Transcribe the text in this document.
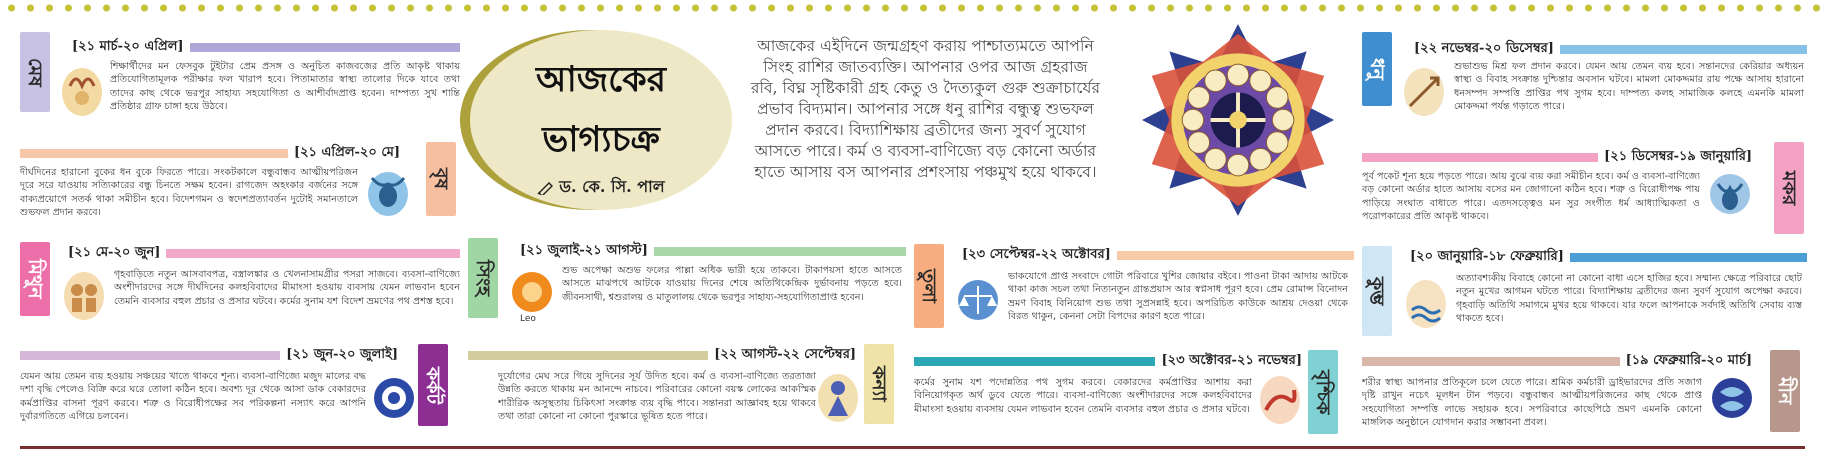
আজকের
ভাগ্যচক্র
ড. কে. সি. পাল
আজকের এইদিনে জন্মগ্রহণ করায় পাশ্চাত্যমতে আপনি সিংহ রাশির জাতব্যক্তি। আপনার ওপর আজ গ্রহরাজ রবি, বিঘ্ন সৃষ্টিকারী গ্রহ কেতু ও দৈত্যকুল গুরু শুক্রাচার্যের প্রভাব বিদ্যমান। আপনার সঙ্গে ধনু রাশির বন্ধুত্ব শুভফল প্রদান করবে। বিদ্যাশিক্ষায় ব্রতীদের জন্য সুবর্ণ সুযোগ আসতে পারে। কর্ম ও ব্যবসা-বাণিজ্যে বড় কোনো অর্ডার হাতে আসায় বস আপনার প্রশংসায় পঞ্চমুখ হয়ে থাকবে।
মেষ
[২১ মার্চ-২০ এপ্রিল]
শিক্ষার্থীদের মন ফেসবুক টুইটার প্রেম প্রসঙ্গ ও অনুচিত কাজবজের প্রতি আকৃষ্ট থাকায় প্রতিযোগিতামূলক পরীক্ষার ফল খারাপ হবে। পিতামাতার স্বাস্থ্য তালোর দিকে যাবে তথা তাদের কাছ থেকে ভরপুর সাহায্য সহযোগিতা ও আশীর্বাদপ্রাপ্ত হবেন। দাম্পত্য সুখ শান্তি প্রতিষ্ঠার গ্রাফ চাঙ্গা হয়ে উঠবে।
[২১ এপ্রিল-২০ মে]
দীর্ঘদিনের হারানো বুকের ধন বুকে ফিরতে পারে। সংকটকালে বন্ধুবান্ধব আত্মীয়পরিজন দূরে সরে যাওয়ায় সত্যিকারের বন্ধু চিনতে সক্ষম হবেন। রাগজেদ অহংকার বর্জনের সঙ্গে বাক্যপ্রয়োগে সতর্ক থাকা সমীচীন হবে। বিদেশগমন ও স্বদেশপ্রত্যাবর্তন দুটোই সমানতালে শুভফল প্রদান করবে।
বৃষ
মিথুন
[২১ মে-২০ জুন]
গৃহবাড়িতে নতুন আসবাবপত্র, বস্ত্রালঙ্কার ও খেলনাসামগ্রীর পসরা সাজবে। ব্যবসা-বাণিজ্যে অংশীদারদের সঙ্গে দীর্ঘদিনের কলহবিবাদের মীমাংসা হওয়ায় ব্যবসায় যেমন লাভবান হবেন তেমনি ব্যবসার বহুল প্রচার ও প্রসার ঘটবে। কর্মের সুনাম যশ বিদেশ ভ্রমণের পথ প্রশস্ত হবে।
[২১ জুন-২০ জুলাই]
যেমন আয় তেমন ব্যয় হওয়ায় সঞ্চয়ের খাতে থাকবে শূন্য। ব্যবসা-বাণিজ্যে মজুদ মালের বদ্ধ দশা বৃদ্ধি পেলেও বিক্রি করে ঘরে তোলা কঠিন হবে। অবশ্য দূর থেকে আসা ডাক বেকারদের কর্মপ্রাপ্তির বাসনা পূরণ করবে। শত্রু ও বিরোধীপক্ষের সব পরিকল্পনা নস্যাৎ করে আপনি দুর্বারগতিতে এগিয়ে চলবেন।
কর্কট
সিংহ
[২১ জুলাই-২১ আগস্ট]
Leo
শুভ অপেক্ষা অশুভ ফলের পাল্লা অধিক ভারী হয়ে তাকবে। টাকাপয়সা হাতে আসতে আসতে মাঝপথে আটকে যাওয়ায় দিনের শেষে অতিথিকেন্দ্রিক দুর্ভাবনায় পড়তে হবে। জীবনসাথী, শ্বশুরালয় ও মাতুলালয় থেকে ভরপুর সাহায্য-সহযোগিতাপ্রাপ্ত হবেন।
[২২ আগস্ট-২২ সেপ্টেম্বর]
দুর্যোগের মেঘ সরে গিয়ে সুদিনের সূর্য উদিত হবে। কর্ম ও ব্যবসা-বাণিজ্যে তরতাজা উন্নতি করতে থাকায় মন আনন্দে নাচবে। পরিবারের কোনো বয়স্ক লোকের আকস্মিক শারীরিক অসুস্থতায় চিকিৎসা সংক্রান্ত ব্যয় বৃদ্ধি পাবে। সন্তানরা আজ্ঞাবহ হয়ে থাকবে তথা তারা কোনো না কোনো পুরস্কারে ভূষিত হতে পারে।
কন্যা
তুলা
[২৩ সেপ্টেম্বর-২২ অক্টোবর]
ভাকযোগে প্রাপ্ত সংবাদে গোটা পরিবারে খুশির জোয়ার বইবে। পাওনা টাকা আদায় আটকে থাকা কাজ সচল তথা নিত্যনতুন গ্রান্তপ্রয়াস আর স্বপ্নসাধ পূরণ হবে। প্রেম রোমান্স বিনোদন ভ্রমণ বিবাহ বিনিয়োগ শুভ তথা সুপ্রসন্নাই হবে। অপরিচিত কাউকে আশ্রয় দেওয়া থেকে বিরত থাকুন, কেননা সেটা বিপদের কারণ হতে পারে।
[২৩ অক্টোবর-২১ নভেম্বর]
কর্মের সুনাম যশ পদোন্নতির পথ সুগম করবে। বেকারদের কর্মপ্রাপ্তির আশায় করা বিনিয়োগকৃত অর্থ ডুবে যেতে পারে। ব্যবসা-বাণিজ্যে অংশীদারদের সঙ্গে কলহবিবাদের মীমাংসা হওয়ায় ব্যবসায় যেমন লাভবান হবেন তেমনি ব্যবসার বহুল প্রচার ও প্রসার ঘটবে।	বৃশ্চিক
ধনু
[২২ নভেম্বর-২০ ডিসেম্বর]
শুভাশুভ মিশ্র ফল প্রদান করবে। যেমন আয় তেমন ব্যয় হবে। সন্তানদের কেরিয়ার অধ্যয়ন স্বাস্থ্য ও বিবাহ সংক্রান্ত দুশ্চিন্তার অবসান ঘটবে। মামলা মোকদ্দমার রায় পক্ষে আসায় হারানো ধনসম্পদ সম্পত্তি প্রাপ্তির পথ সুগম হবে। দাম্পত্য কলহ সামাজিক কলহে এমনকি মামলা মোকদ্দমা পর্যন্ত গড়াতে পারে।
[২১ ডিসেম্বর-১৯ জানুয়ারি]
পূর্ব পকেট শূন্য হয়ে পড়তে পারে। আয় বুঝে ব্যয় করা সমীচীন হবে। কর্ম ও ব্যবসা-বাণিজ্যে বড় কোনো অর্ডার হাতে আসায় বসের মন জোগানো কঠিন হবে। শত্রু ও বিরোধীপক্ষ পায় পাড়িয়ে সংঘাত বাধাতে পারে। এতদসত্ত্বেও মন সুর সংগীত ধর্ম আধ্যাত্মিকতা ও পরোপকারের প্রতি আকৃষ্ট থাকবে।
মকর
কুম্ভ
[২০ জানুয়ারি-১৮ ফেব্রুয়ারি]
অত্যাবশ্যকীয় বিবাহে কোনো না কোনো বাধা এসে হাজির হবে। সম্মান্য ক্ষেত্রে পরিবারে ছোট নতুন মুখের আগমন ঘটতে পারে। বিদ্যাশিক্ষায় ব্রতীদের জন্য সুবর্ণ সুযোগ অপেক্ষা করবে। গৃহবাড়ি অতিথি সমাগমে মুখর হয়ে থাকবে। যার ফলে আপনাকে সর্বদাই অতিথি সেবায় ব্যস্ত থাকতে হবে।
[১৯ ফেব্রুয়ারি-২০ মার্চ]
শরীর স্বাস্থ্য আপনার প্রতিকূলে চলে যেতে পারে। শ্রমিক কর্মচারী ড্রাইভারদের প্রতি সজাগ দৃষ্টি রাখুন নচেৎ মূলধন টান পড়বে। বন্ধুবান্ধব আত্মীয়পরিজনের কাছ থেকে প্রাপ্ত সহযোগিতা সম্পত্তি লাভে সহায়ক হবে। সপরিবারে কাছেপিঠে ভ্রমণ এমনকি কোনো মাঙ্গলিক অনুষ্ঠানে যোগদান করার সম্ভাবনা প্রবল।
মীন
